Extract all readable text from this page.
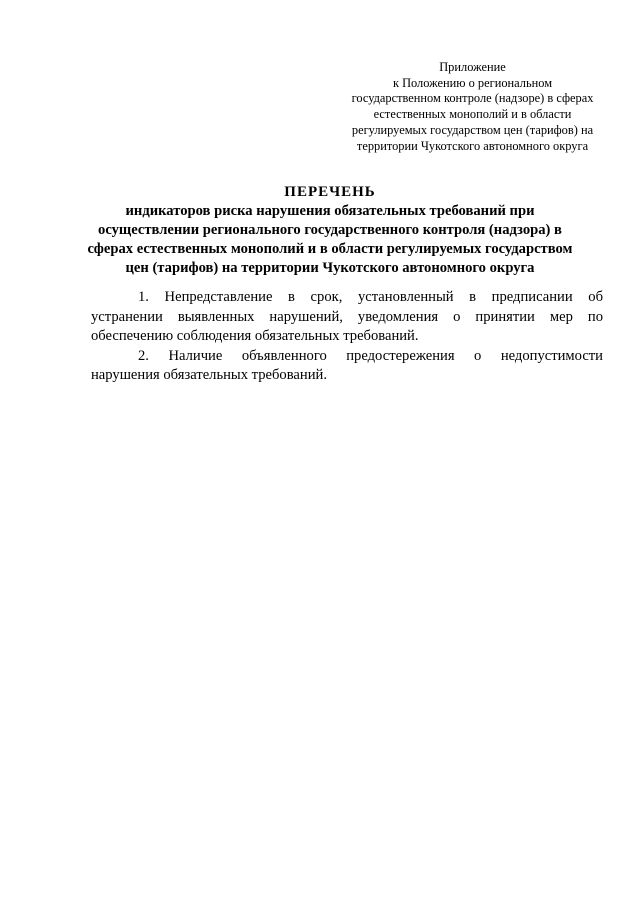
Приложение
к Положению о региональном
государственном контроле (надзоре) в сферах
естественных монополий и в области
регулируемых государством цен (тарифов) на
территории Чукотского автономного округа
ПЕРЕЧЕНЬ
индикаторов риска нарушения обязательных требований при
осуществлении регионального государственного контроля (надзора) в
сферах естественных монополий и в области регулируемых государством
цен (тарифов) на территории Чукотского автономного округа
1. Непредставление в срок, установленный в предписании об
устранении выявленных нарушений, уведомления о принятии мер по
обеспечению соблюдения обязательных требований.
2. Наличие объявленного предостережения о недопустимости
нарушения обязательных требований.
